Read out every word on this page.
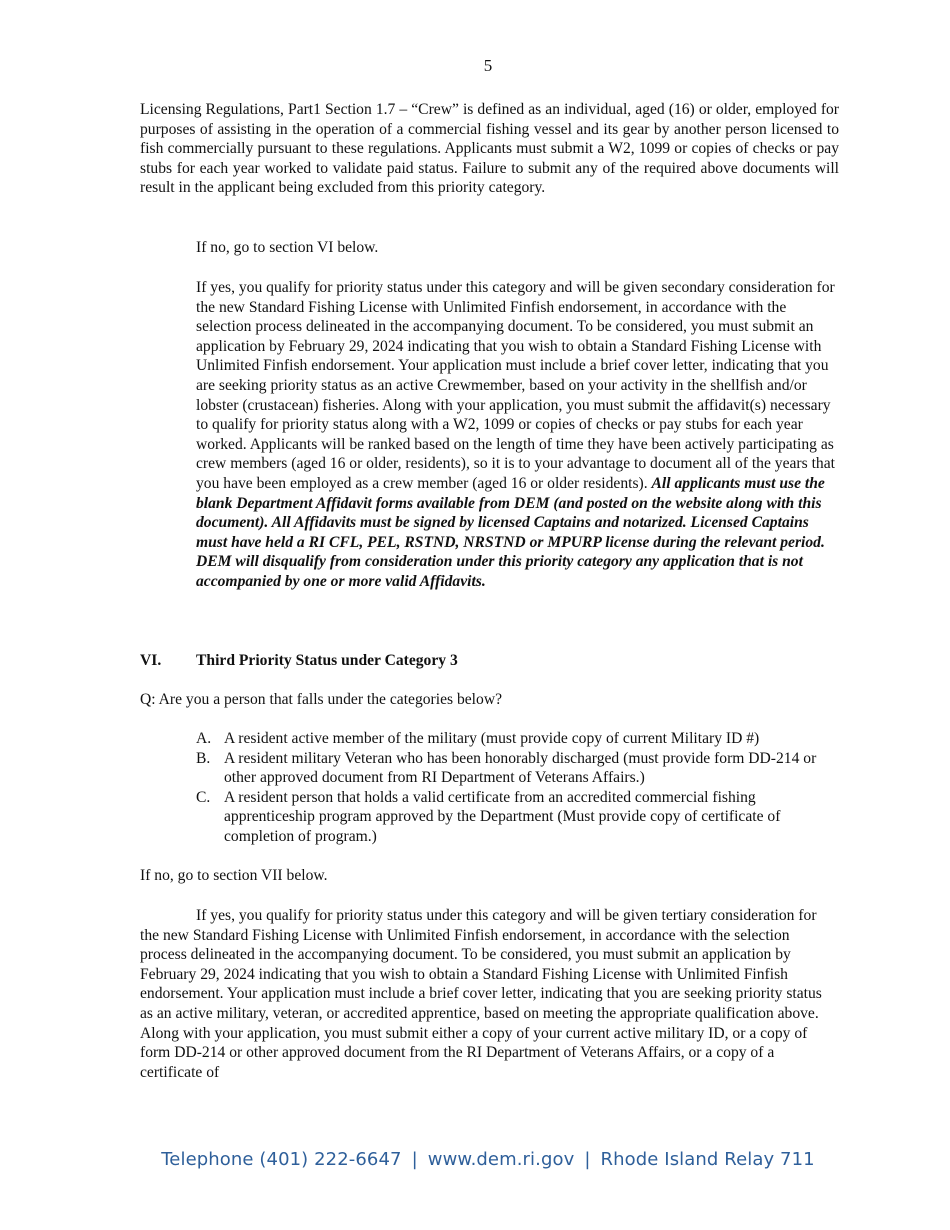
5

Licensing Regulations, Part1 Section 1.7 – “Crew” is defined as an individual, aged (16) or older, employed for purposes of assisting in the operation of a commercial fishing vessel and its gear by another person licensed to fish commercially pursuant to these regulations. Applicants must submit a W2, 1099 or copies of checks or pay stubs for each year worked to validate paid status. Failure to submit any of the required above documents will result in the applicant being excluded from this priority category.

If no, go to section VI below.

If yes, you qualify for priority status under this category and will be given secondary consideration for the new Standard Fishing License with Unlimited Finfish endorsement, in accordance with the selection process delineated in the accompanying document. To be considered, you must submit an application by February 29, 2024 indicating that you wish to obtain a Standard Fishing License with Unlimited Finfish endorsement. Your application must include a brief cover letter, indicating that you are seeking priority status as an active Crewmember, based on your activity in the shellfish and/or lobster (crustacean) fisheries. Along with your application, you must submit the affidavit(s) necessary to qualify for priority status along with a W2, 1099 or copies of checks or pay stubs for each year worked. Applicants will be ranked based on the length of time they have been actively participating as crew members (aged 16 or older, residents), so it is to your advantage to document all of the years that you have been employed as a crew member (aged 16 or older residents). All applicants must use the blank Department Affidavit forms available from DEM (and posted on the website along with this document). All Affidavits must be signed by licensed Captains and notarized. Licensed Captains must have held a RI CFL, PEL, RSTND, NRSTND or MPURP license during the relevant period. DEM will disqualify from consideration under this priority category any application that is not accompanied by one or more valid Affidavits.

VI. Third Priority Status under Category 3

Q: Are you a person that falls under the categories below?

A. A resident active member of the military (must provide copy of current Military ID #)
B. A resident military Veteran who has been honorably discharged (must provide form DD-214 or other approved document from RI Department of Veterans Affairs.)
C. A resident person that holds a valid certificate from an accredited commercial fishing apprenticeship program approved by the Department (Must provide copy of certificate of completion of program.)

If no, go to section VII below.

If yes, you qualify for priority status under this category and will be given tertiary consideration for the new Standard Fishing License with Unlimited Finfish endorsement, in accordance with the selection process delineated in the accompanying document. To be considered, you must submit an application by February 29, 2024 indicating that you wish to obtain a Standard Fishing License with Unlimited Finfish endorsement. Your application must include a brief cover letter, indicating that you are seeking priority status as an active military, veteran, or accredited apprentice, based on meeting the appropriate qualification above. Along with your application, you must submit either a copy of your current active military ID, or a copy of form DD-214 or other approved document from the RI Department of Veterans Affairs, or a copy of a certificate of

Telephone (401) 222-6647 | www.dem.ri.gov | Rhode Island Relay 711
